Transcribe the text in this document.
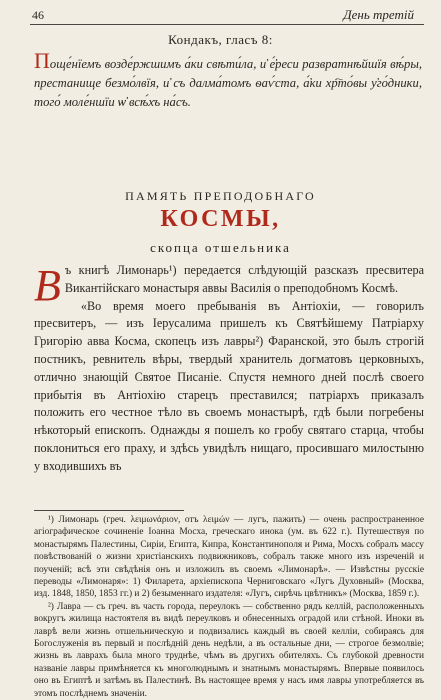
46	День третій
Кондакъ, гласъ 8:
Поще́нїемъ возде́ржшимъ а́ки свѣти́ла, и̓ е̓́реси развратнѣйшїя вѣ́ры, престанище безмо́лвїя, и̓ съ далма́томъ ѳаѵ́ста, а̓́ки хр҇то́вы у̓го́дники, того́ моле́ншїи ѡ̓ всѣ́хъ на́съ.
ПАМЯТЬ ПРЕПОДОБНАГО
КОСМЫ,
скопца отшельника

Въ книгѣ Лимонарь¹) передается слѣдующій разсказъ пресвитера Викантійскаго монастыря аввы Василія о преподобномъ Космѣ.

«Во время моего пребыванія въ Антіохіи, — говорилъ пресвитеръ, — изъ Іерусалима пришелъ къ Святѣйшему Патріарху Григорію авва Косма, скопецъ изъ лавры²) Фаранской, это былъ строгій постникъ, ревнитель вѣры, твердый хранитель догматовъ церковныхъ, отлично знающій Святое Писаніе. Спустя немного дней послѣ своего прибытія въ Антіохію старецъ преставился; патріархъ приказалъ положить его честное тѣло въ своемъ монастырѣ, гдѣ были погребены нѣкоторый епископъ. Однажды я пошелъ ко гробу святаго старца, чтобы поклониться его праху, и здѣсь увидѣлъ нищаго, просившаго милостыню у входившихъ въ

¹) Лимонарь (греч. λειμωνάριον, отъ λειμών — лугъ, пажить) — очень распространенное агіографическое сочиненіе Іоанна Мосха, греческаго инока (ум. въ 622 г.). Путешествуя по монастырямъ Палестины, Сиріи, Египта, Кипра, Константинополя и Рима, Мосхъ собралъ массу повѣствованій о жизни христіанскихъ подвижниковъ, собралъ также много изъ изреченій и поученій; всѣ эти свѣдѣнія онъ и изложилъ въ своемъ «Лимонарѣ». — Извѣстны русскіе переводы «Лимонаря»: 1) Филарета, архіепископа Черниговскаго «Лугъ Духовный» (Москва, изд. 1848, 1850, 1853 гг.) и 2) безыменнаго издателя: «Лугъ, сирѣчь цвѣтникъ» (Москва, 1859 г.).

²) Лавра — съ греч. въ часть города, переулокъ — собственно рядъ келлій, расположенныхъ вокругъ жилища настоятеля въ видѣ переулковъ и обнесенныхъ оградой или стѣной. Иноки въ лаврѣ вели жизнь отшельническую и подвизались каждый въ своей келліи, собираясь для Богослуженія въ первый и послѣдній день недѣли, а въ остальные дни, — строгое безмолвіе; жизнь въ лаврахъ была много труднѣе, чѣмъ въ другихъ обителяхъ. Съ глубокой древности названіе лавры примѣняется къ многолюднымъ и знатнымъ монастырямъ. Впервые появилось оно въ Египтѣ и затѣмъ въ Палестинѣ. Въ настоящее время у насъ имя лавры употребляется въ этомъ послѣднемъ значеніи.
